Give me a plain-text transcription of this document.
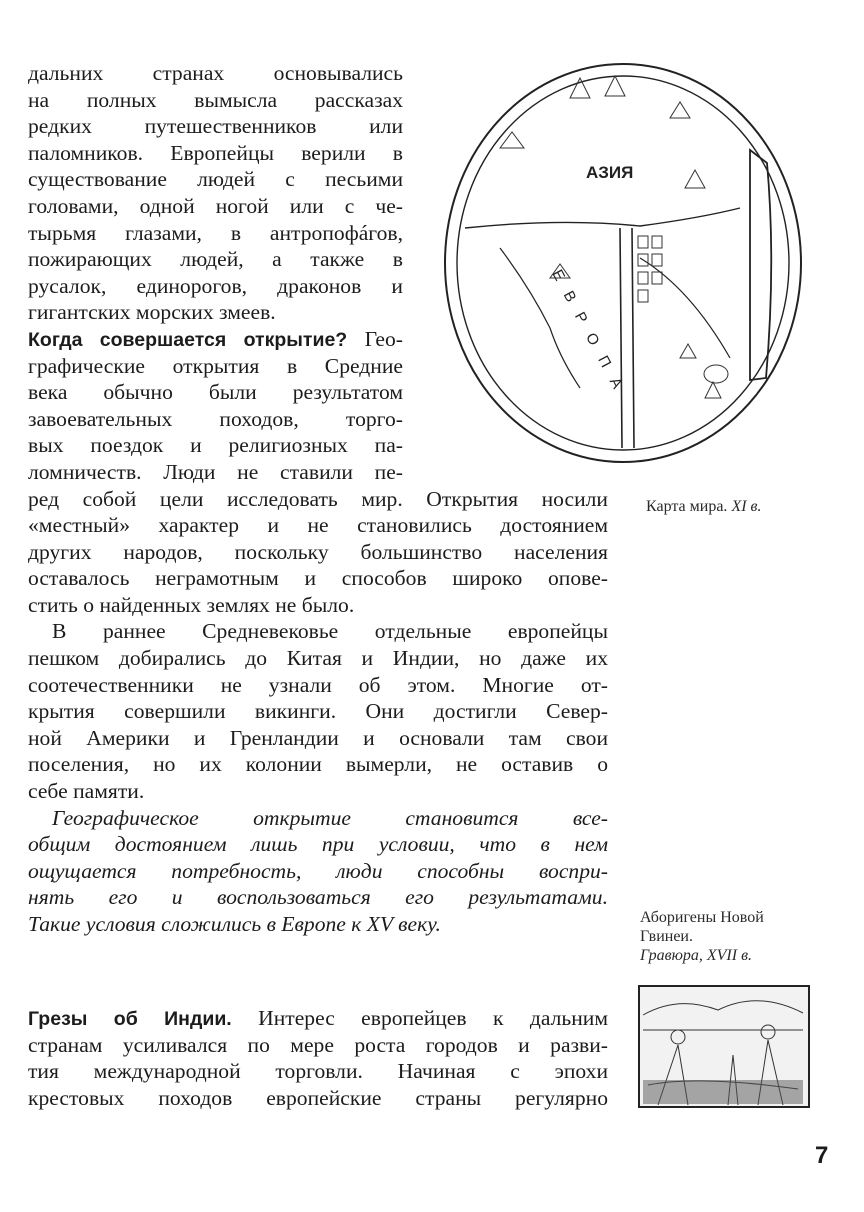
дальних странах основывались
на полных вымысла рассказах
редких путешественников или
паломников. Европейцы верили в
существование людей с песьими
головами, одной ногой или с че-
тырьмя глазами, в антропофáгов,
пожирающих людей, а также в
русалок, единорогов, драконов и
гигантских морских змеев.
Когда совершается открытие? Гео-
графические открытия в Средние
века обычно были результатом
завоевательных походов, торго-
вых поездок и религиозных па-
ломничеств. Люди не ставили пе-
ред собой цели исследовать мир. Открытия носили
«местный» характер и не становились достоянием
других народов, поскольку большинство населения
оставалось неграмотным и способов широко опове-
стить о найденных землях не было.
В раннее Средневековье отдельные европейцы
пешком добирались до Китая и Индии, но даже их
соотечественники не узнали об этом. Многие от-
крытия совершили викинги. Они достигли Север-
ной Америки и Гренландии и основали там свои
поселения, но их колонии вымерли, не оставив о
себе памяти.
Географическое открытие становится все-
общим достоянием лишь при условии, что в нем
ощущается потребность, люди способны воспри-
нять его и воспользоваться его результатами.
Такие условия сложились в Европе к XV веку.
Грезы об Индии. Интерес европейцев к дальним
странам усиливался по мере роста городов и разви-
тия международной торговли. Начиная с эпохи
крестовых походов европейские страны регулярно
АЗИЯ
ЕВРОПА
Карта мира. XI в.
Аборигены Новой
Гвинеи.
Гравюра, XVII в.
7
